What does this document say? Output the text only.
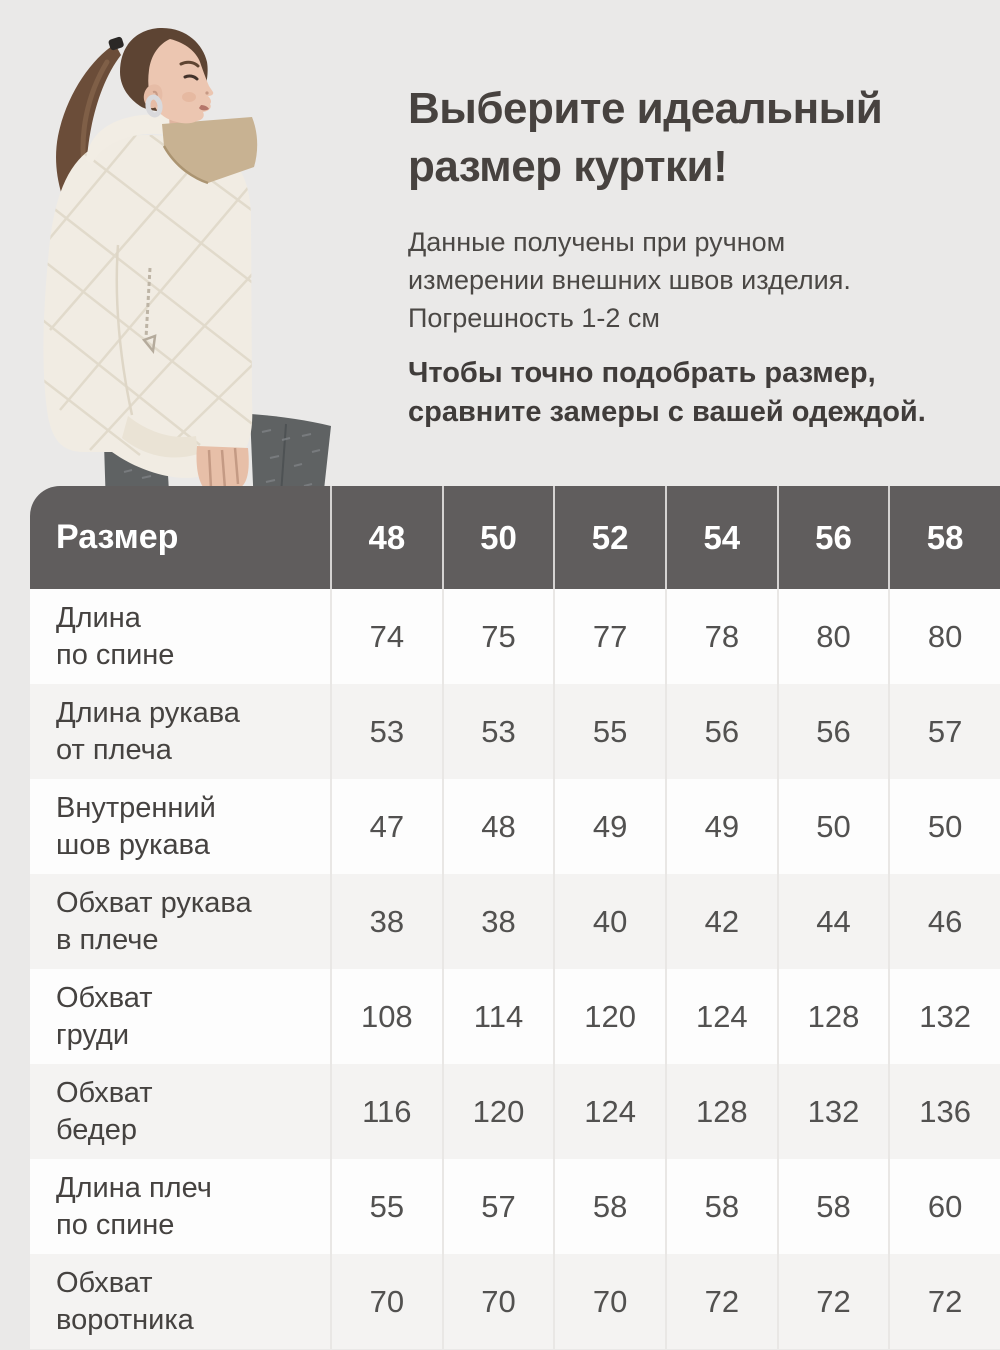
Выберите идеальный
размер куртки!

Данные получены при ручном
измерении внешних швов изделия.
Погрешность 1-2 см

Чтобы точно подобрать размер,
сравните замеры с вашей одеждой.

Размер	48	50	52	54	56	58
Длина
по спине
74	75	77	78	80	80
Длина рукава
от плеча
53	53	55	56	56	57
Внутренний
шов рукава
47	48	49	49	50	50
Обхват рукава
в плече
38	38	40	42	44	46
Обхват
груди
108	114	120	124	128	132
Обхват
бедер
116	120	124	128	132	136
Длина плеч
по спине
55	57	58	58	58	60
Обхват
воротника
70	70	70	72	72	72
